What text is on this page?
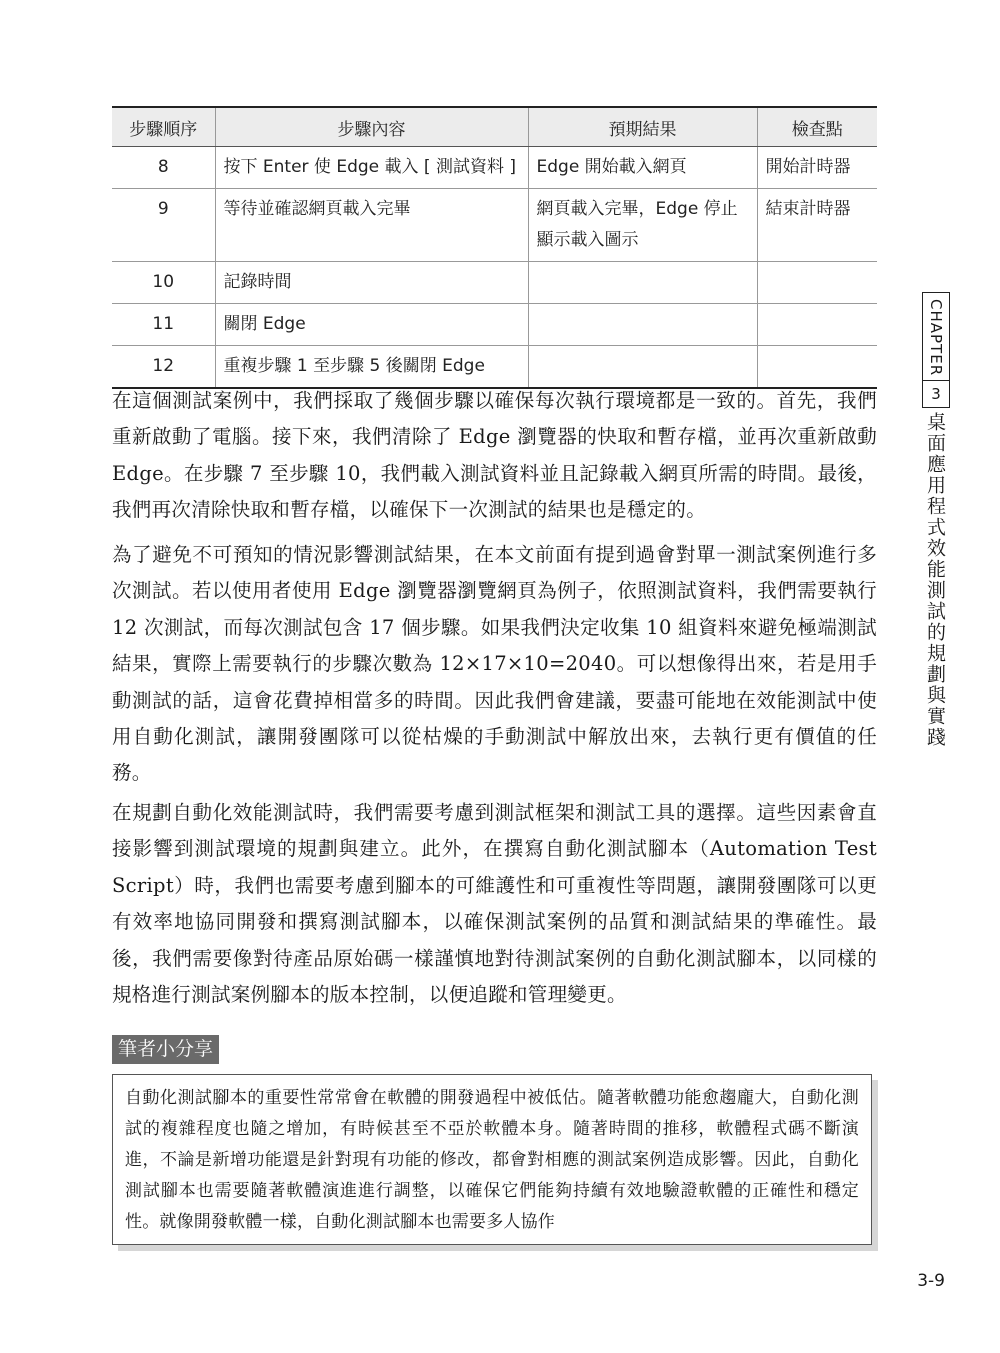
步驟順序	步驟內容	預期結果	檢查點
8	按下 Enter 使 Edge 載入 [ 測試資料 ]	Edge 開始載入網頁	開始計時器
9	等待並確認網頁載入完畢	網頁載入完畢，Edge 停止顯示載入圖示	結束計時器
10	記錄時間		
11	關閉 Edge		
12	重複步驟 1 至步驟 5 後關閉 Edge		

在這個測試案例中，我們採取了幾個步驟以確保每次執行環境都是一致的。首先，我們重新啟動了電腦。接下來，我們清除了 Edge 瀏覽器的快取和暫存檔，並再次重新啟動 Edge。在步驟 7 至步驟 10，我們載入測試資料並且記錄載入網頁所需的時間。最後，我們再次清除快取和暫存檔，以確保下一次測試的結果也是穩定的。

為了避免不可預知的情況影響測試結果，在本文前面有提到過會對單一測試案例進行多次測試。若以使用者使用 Edge 瀏覽器瀏覽網頁為例子，依照測試資料，我們需要執行 12 次測試，而每次測試包含 17 個步驟。如果我們決定收集 10 組資料來避免極端測試結果，實際上需要執行的步驟次數為 12×17×10=2040。可以想像得出來，若是用手動測試的話，這會花費掉相當多的時間。因此我們會建議，要盡可能地在效能測試中使用自動化測試，讓開發團隊可以從枯燥的手動測試中解放出來，去執行更有價值的任務。

在規劃自動化效能測試時，我們需要考慮到測試框架和測試工具的選擇。這些因素會直接影響到測試環境的規劃與建立。此外，在撰寫自動化測試腳本（Automation Test Script）時，我們也需要考慮到腳本的可維護性和可重複性等問題，讓開發團隊可以更有效率地協同開發和撰寫測試腳本，以確保測試案例的品質和測試結果的準確性。最後，我們需要像對待產品原始碼一樣謹慎地對待測試案例的自動化測試腳本，以同樣的規格進行測試案例腳本的版本控制，以便追蹤和管理變更。

CHAPTER
3
桌面應用程式效能測試的規劃與實踐
筆者小分享

自動化測試腳本的重要性常常會在軟體的開發過程中被低估。隨著軟體功能愈趨龐大，自動化測試的複雜程度也隨之增加，有時候甚至不亞於軟體本身。隨著時間的推移，軟體程式碼不斷演進，不論是新增功能還是針對現有功能的修改，都會對相應的測試案例造成影響。因此，自動化測試腳本也需要隨著軟體演進進行調整，以確保它們能夠持續有效地驗證軟體的正確性和穩定性。就像開發軟體一樣，自動化測試腳本也需要多人協作

3-9
